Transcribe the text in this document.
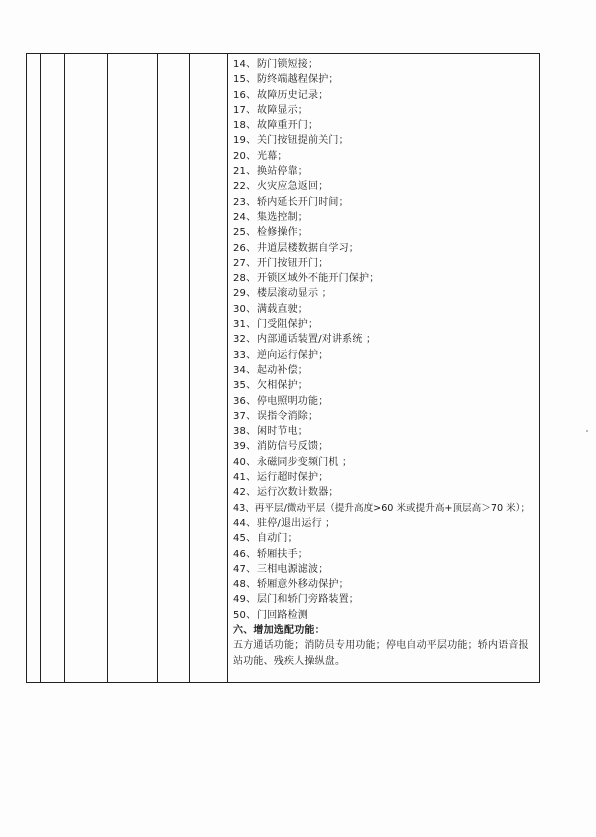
14、 防门锁短接；
15、 防终端越程保护；
16、 故障历史记录；
17、 故障显示；
18、 故障重开门；
19、 关门按钮提前关门；
20、 光幕；
21、 换站停靠；
22、 火灾应急返回；
23、 轿内延长开门时间；
24、 集选控制；
25、 检修操作；
26、 井道层楼数据自学习；
27、 开门按钮开门；
28、 开锁区域外不能开门保护；
29、 楼层滚动显示 ；
30、 满载直驶；
31、 门受阻保护；
32、 内部通话装置/对讲系统 ；
33、 逆向运行保护；
34、 起动补偿；
35、 欠相保护；
36、 停电照明功能；
37、 误指令消除；
38、 闲时节电；
39、 消防信号反馈；
40、 永磁同步变频门机 ；
41、 运行超时保护；
42、 运行次数计数器；
43、再平层/微动平层（提升高度>60 米或提升高+顶层高＞70 米）；
44、 驻停/退出运行 ；
45、 自动门；
46、 轿厢扶手；
47、 三相电源滤波；
48、 轿厢意外移动保护；
49、 层门和轿门旁路装置；
50、 门回路检测
六、增加选配功能：
五方通话功能；消防员专用功能；停电自动平层功能；轿内语音报站功能、残疾人操纵盘。
